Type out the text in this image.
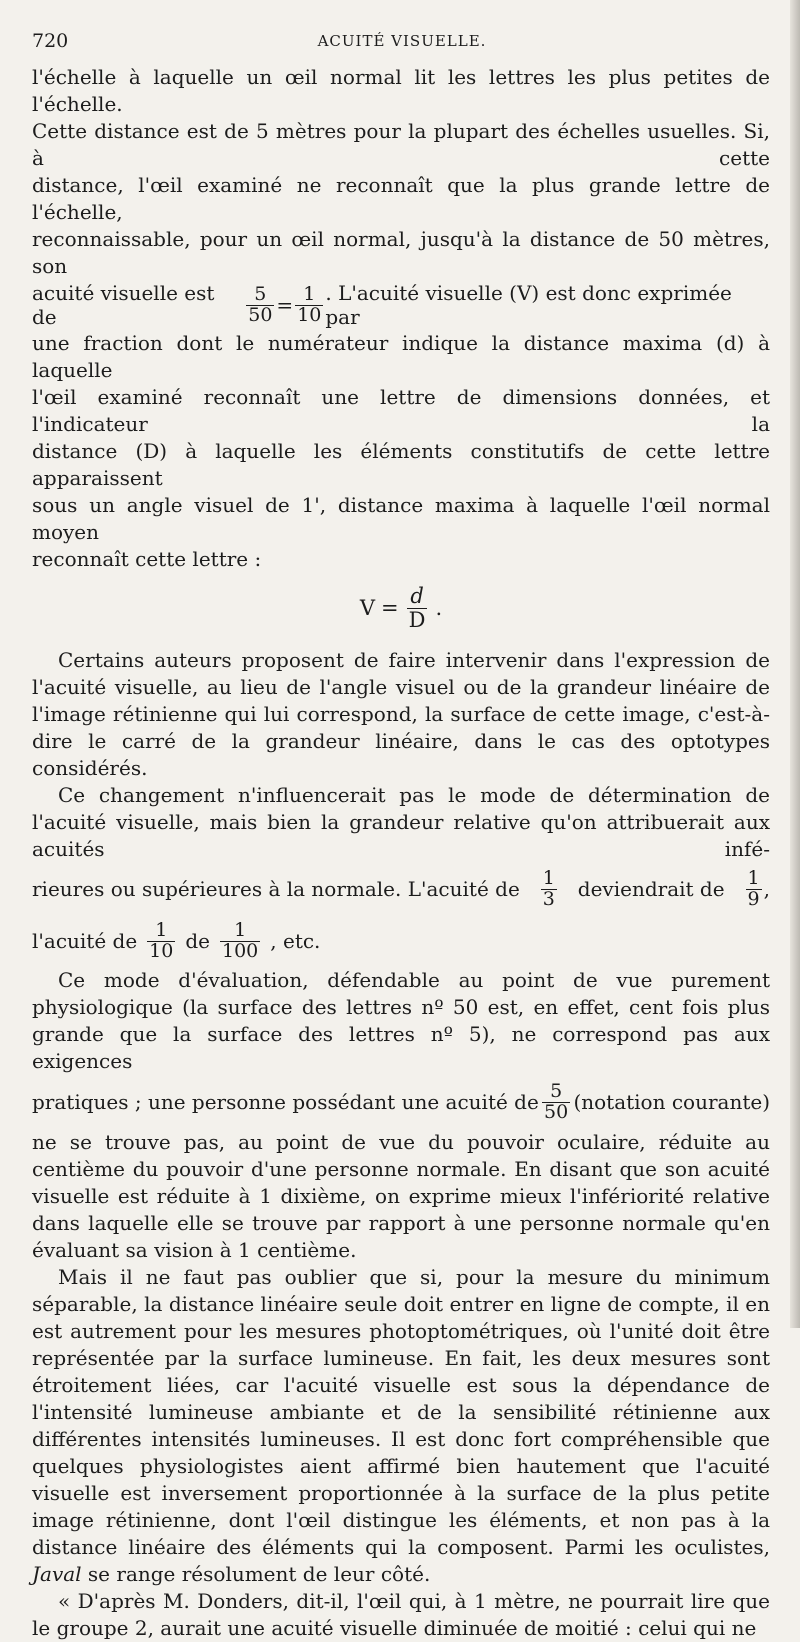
720	ACUITÉ VISUELLE.

l'échelle à laquelle un œil normal lit les lettres les plus petites de l'échelle.

Cette distance est de 5 mètres pour la plupart des échelles usuelles. Si, à cette

distance, l'œil examiné ne reconnaît que la plus grande lettre de l'échelle,

reconnaissable, pour un œil normal, jusqu'à la distance de 50 mètres, son

acuité visuelle est de	$\frac{5}{50} = \frac{1}{10}$ . L'acuité visuelle (V) est donc exprimée par

une fraction dont le numérateur indique la distance maxima (d) à laquelle

l'œil examiné reconnaît une lettre de dimensions données, et l'indicateur la

distance (D) à laquelle les éléments constitutifs de cette lettre apparaissent

sous un angle visuel de 1', distance maxima à laquelle l'œil normal moyen

reconnaît cette lettre :

$V = \frac{d}{D}$ .

Certains auteurs proposent de faire intervenir dans l'expression de l'acuité visuelle, au lieu de l'angle visuel ou de la grandeur linéaire de l'image rétinienne qui lui correspond, la surface de cette image, c'est-à-dire le carré de la grandeur linéaire, dans le cas des optotypes considérés.

Ce changement n'influencerait pas le mode de détermination de l'acuité visuelle, mais bien la grandeur relative qu'on attribuerait aux acuités infé-

rieures ou supérieures à la normale. L'acuité de $\frac{1}{3}$ deviendrait de $\frac{1}{9}$ ,
l'acuité de $\frac{1}{10}$ de $\frac{1}{100}$ , etc.

Ce mode d'évaluation, défendable au point de vue purement physiologique (la surface des lettres nº 50 est, en effet, cent fois plus grande que la surface des lettres nº 5), ne correspond pas aux exigences

pratiques ; une personne possédant une acuité de $\frac{5}{50}$ (notation courante)

ne se trouve pas, au point de vue du pouvoir oculaire, réduite au centième du pouvoir d'une personne normale. En disant que son acuité visuelle est réduite à 1 dixième, on exprime mieux l'infériorité relative dans laquelle elle se trouve par rapport à une personne normale qu'en évaluant sa vision à 1 centième.

Mais il ne faut pas oublier que si, pour la mesure du minimum séparable, la distance linéaire seule doit entrer en ligne de compte, il en est autrement pour les mesures photoptométriques, où l'unité doit être représentée par la surface lumineuse. En fait, les deux mesures sont étroitement liées, car l'acuité visuelle est sous la dépendance de l'intensité lumineuse ambiante et de la sensibilité rétinienne aux différentes intensités lumineuses. Il est donc fort compréhensible que quelques physiologistes aient affirmé bien hautement que l'acuité visuelle est inversement proportionnée à la surface de la plus petite image rétinienne, dont l'œil distingue les éléments, et non pas à la distance linéaire des éléments qui la composent. Parmi les oculistes, Javal se range résolument de leur côté.

« D'après M. Donders, dit-il, l'œil qui, à 1 mètre, ne pourrait lire que le groupe 2, aurait une acuité visuelle diminuée de moitié : celui qui ne
